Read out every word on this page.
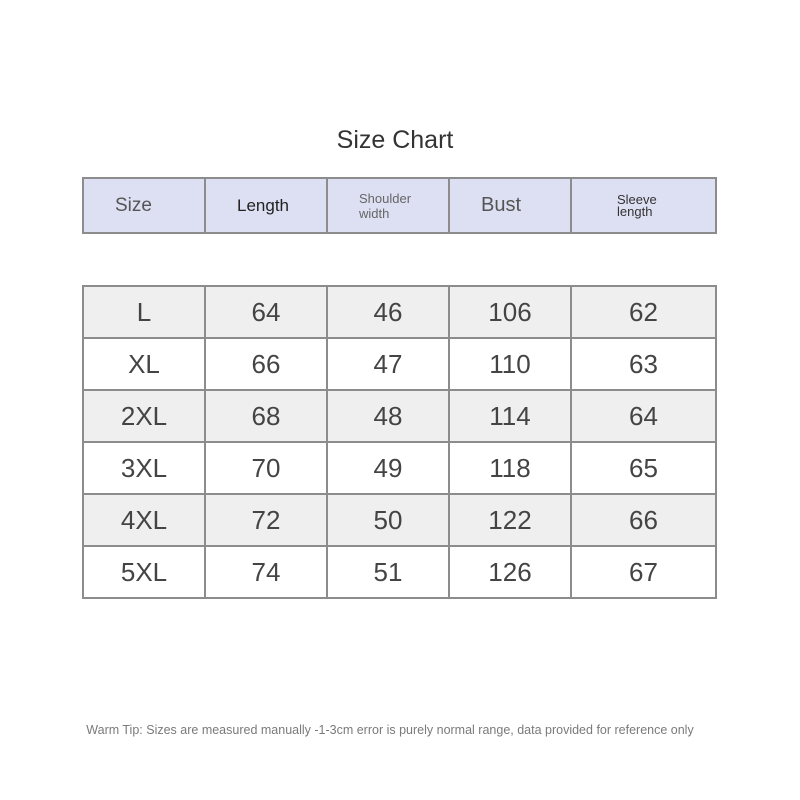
Size Chart
Size	Length	Shoulder width	Bust	Sleeve length
L	64	46	106	62
XL	66	47	110	63
2XL	68	48	114	64
3XL	70	49	118	65
4XL	72	50	122	66
5XL	74	51	126	67
Warm Tip: Sizes are measured manually -1-3cm error is purely normal range, data provided for reference only
